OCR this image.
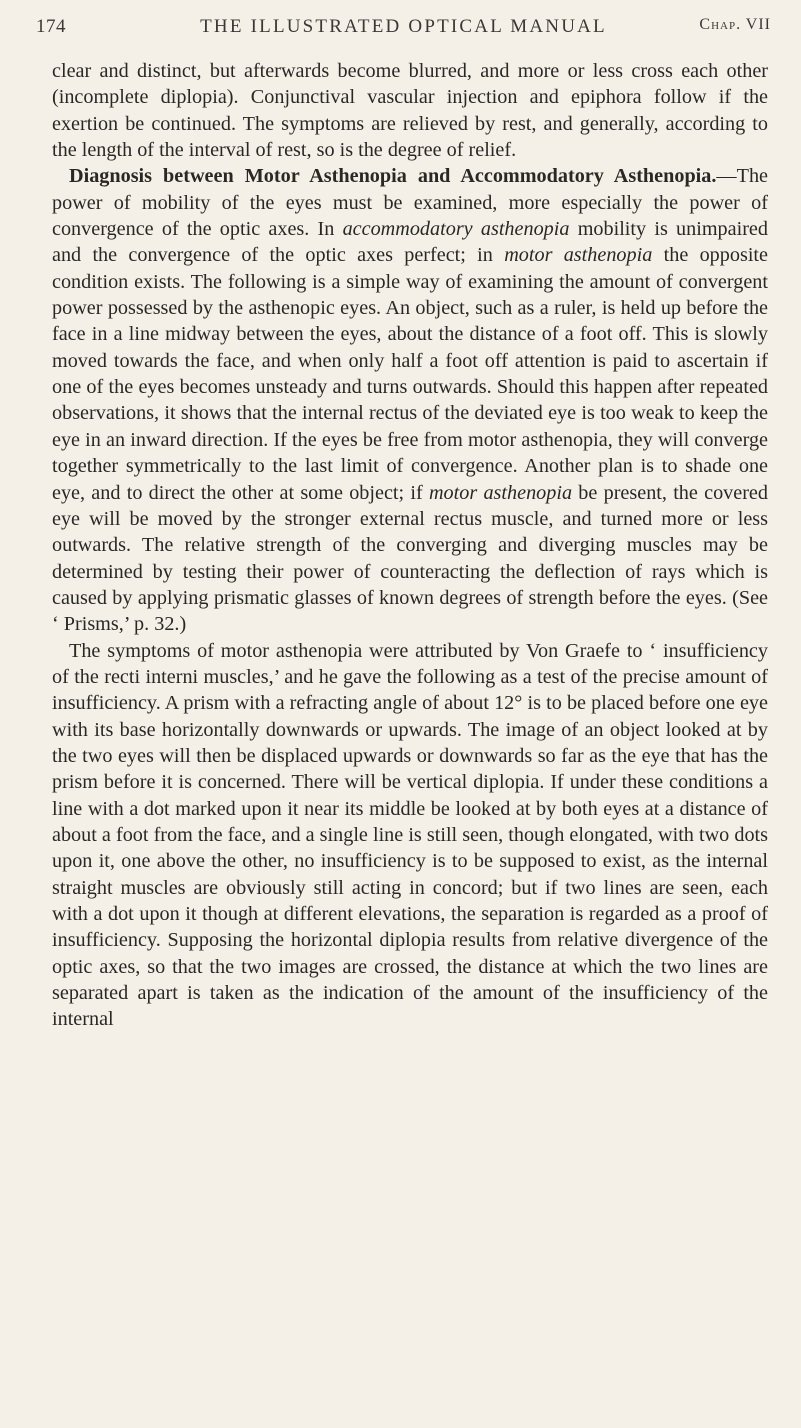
174	THE ILLUSTRATED OPTICAL MANUAL	Chap. VII

clear and distinct, but afterwards become blurred, and more or less cross each other (incomplete diplopia). Conjunctival vascular injection and epiphora follow if the exertion be continued. The symptoms are relieved by rest, and generally, according to the length of the interval of rest, so is the degree of relief.

Diagnosis between Motor Asthenopia and Accommodatory Asthenopia.—The power of mobility of the eyes must be examined, more especially the power of convergence of the optic axes. In accommodatory asthenopia mobility is unimpaired and the convergence of the optic axes perfect; in motor asthenopia the opposite condition exists. The following is a simple way of examining the amount of convergent power possessed by the asthenopic eyes. An object, such as a ruler, is held up before the face in a line midway between the eyes, about the distance of a foot off. This is slowly moved towards the face, and when only half a foot off attention is paid to ascertain if one of the eyes becomes unsteady and turns outwards. Should this happen after repeated observations, it shows that the internal rectus of the deviated eye is too weak to keep the eye in an inward direction. If the eyes be free from motor asthenopia, they will converge together symmetrically to the last limit of convergence. Another plan is to shade one eye, and to direct the other at some object; if motor asthenopia be present, the covered eye will be moved by the stronger external rectus muscle, and turned more or less outwards. The relative strength of the converging and diverging muscles may be determined by testing their power of counteracting the deflection of rays which is caused by applying prismatic glasses of known degrees of strength before the eyes. (See ‘ Prisms,’ p. 32.)

The symptoms of motor asthenopia were attributed by Von Graefe to ‘ insufficiency of the recti interni muscles,’ and he gave the following as a test of the precise amount of insufficiency. A prism with a refracting angle of about 12° is to be placed before one eye with its base horizontally downwards or upwards. The image of an object looked at by the two eyes will then be displaced upwards or downwards so far as the eye that has the prism before it is concerned. There will be vertical diplopia. If under these conditions a line with a dot marked upon it near its middle be looked at by both eyes at a distance of about a foot from the face, and a single line is still seen, though elongated, with two dots upon it, one above the other, no insufficiency is to be supposed to exist, as the internal straight muscles are obviously still acting in concord; but if two lines are seen, each with a dot upon it though at different elevations, the separation is regarded as a proof of insufficiency. Supposing the horizontal diplopia results from relative divergence of the optic axes, so that the two images are crossed, the distance at which the two lines are separated apart is taken as the indication of the amount of the insufficiency of the internal
